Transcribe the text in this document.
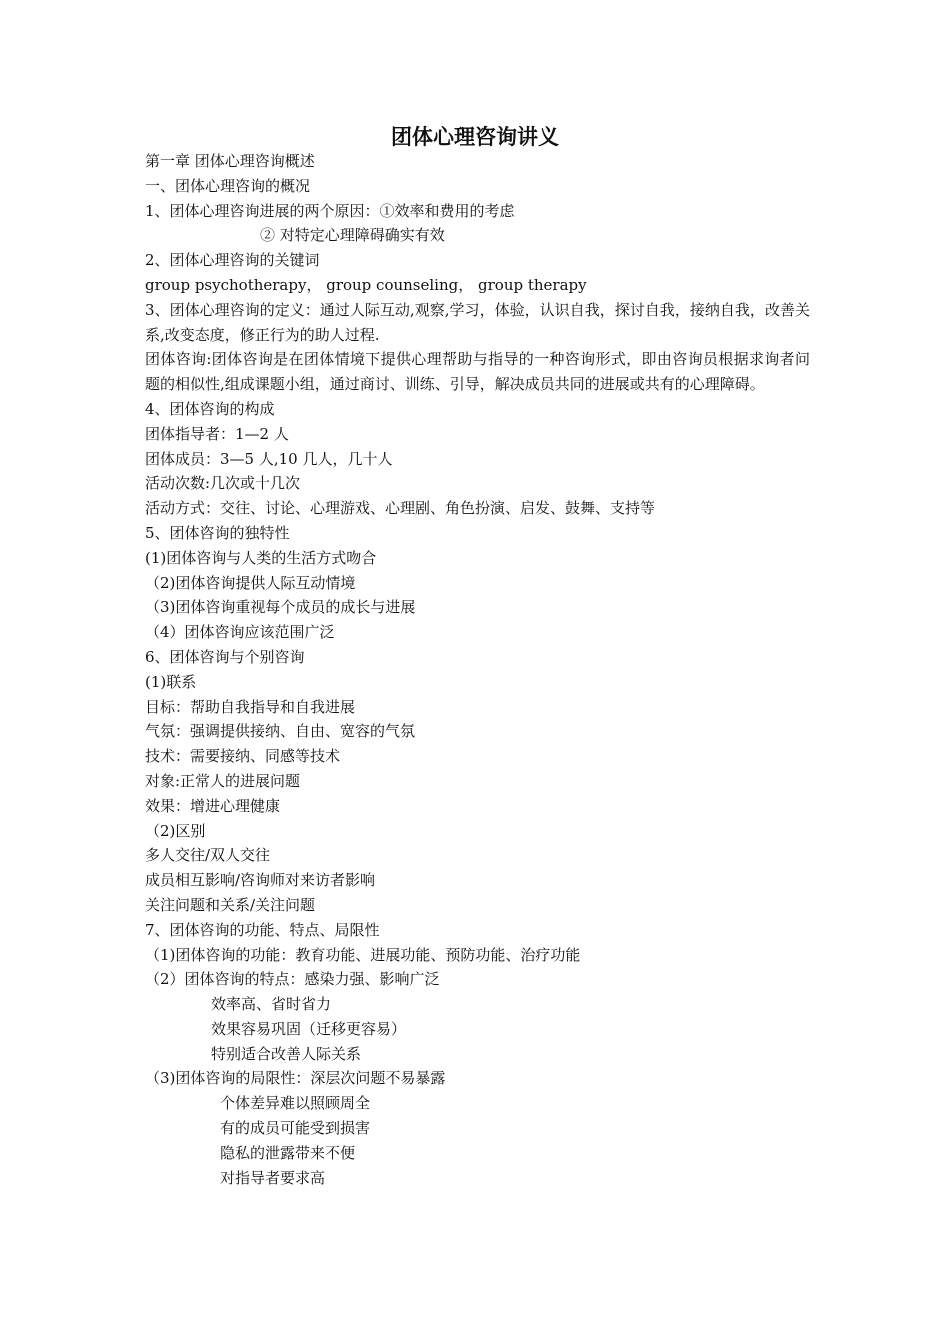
团体心理咨询讲义
第一章 团体心理咨询概述
一、团体心理咨询的概况
1、团体心理咨询进展的两个原因：①效率和费用的考虑
② 对特定心理障碍确实有效
2、团体心理咨询的关键词
group psychotherapy， group counseling， group therapy
3、团体心理咨询的定义：通过人际互动,观察,学习，体验，认识自我，探讨自我，接纳自我，改善关系,改变态度，修正行为的助人过程.
团体咨询:团体咨询是在团体情境下提供心理帮助与指导的一种咨询形式，即由咨询员根据求询者问题的相似性,组成课题小组，通过商讨、训练、引导，解决成员共同的进展或共有的心理障碍。
4、团体咨询的构成
团体指导者：1—2 人
团体成员：3—5 人,10 几人，几十人
活动次数:几次或十几次
活动方式：交往、讨论、心理游戏、心理剧、角色扮演、启发、鼓舞、支持等
5、团体咨询的独特性
(1)团体咨询与人类的生活方式吻合
（2)团体咨询提供人际互动情境
（3)团体咨询重视每个成员的成长与进展
（4）团体咨询应该范围广泛
6、团体咨询与个别咨询
(1)联系
目标：帮助自我指导和自我进展
气氛：强调提供接纳、自由、宽容的气氛
技术：需要接纳、同感等技术
对象:正常人的进展问题
效果：增进心理健康
（2)区别
多人交往/双人交往
成员相互影响/咨询师对来访者影响
关注问题和关系/关注问题
7、团体咨询的功能、特点、局限性
（1)团体咨询的功能：教育功能、进展功能、预防功能、治疗功能
（2）团体咨询的特点：感染力强、影响广泛
效率高、省时省力
效果容易巩固（迁移更容易）
特别适合改善人际关系
（3)团体咨询的局限性：深层次问题不易暴露
个体差异难以照顾周全
有的成员可能受到损害
隐私的泄露带来不便
对指导者要求高
